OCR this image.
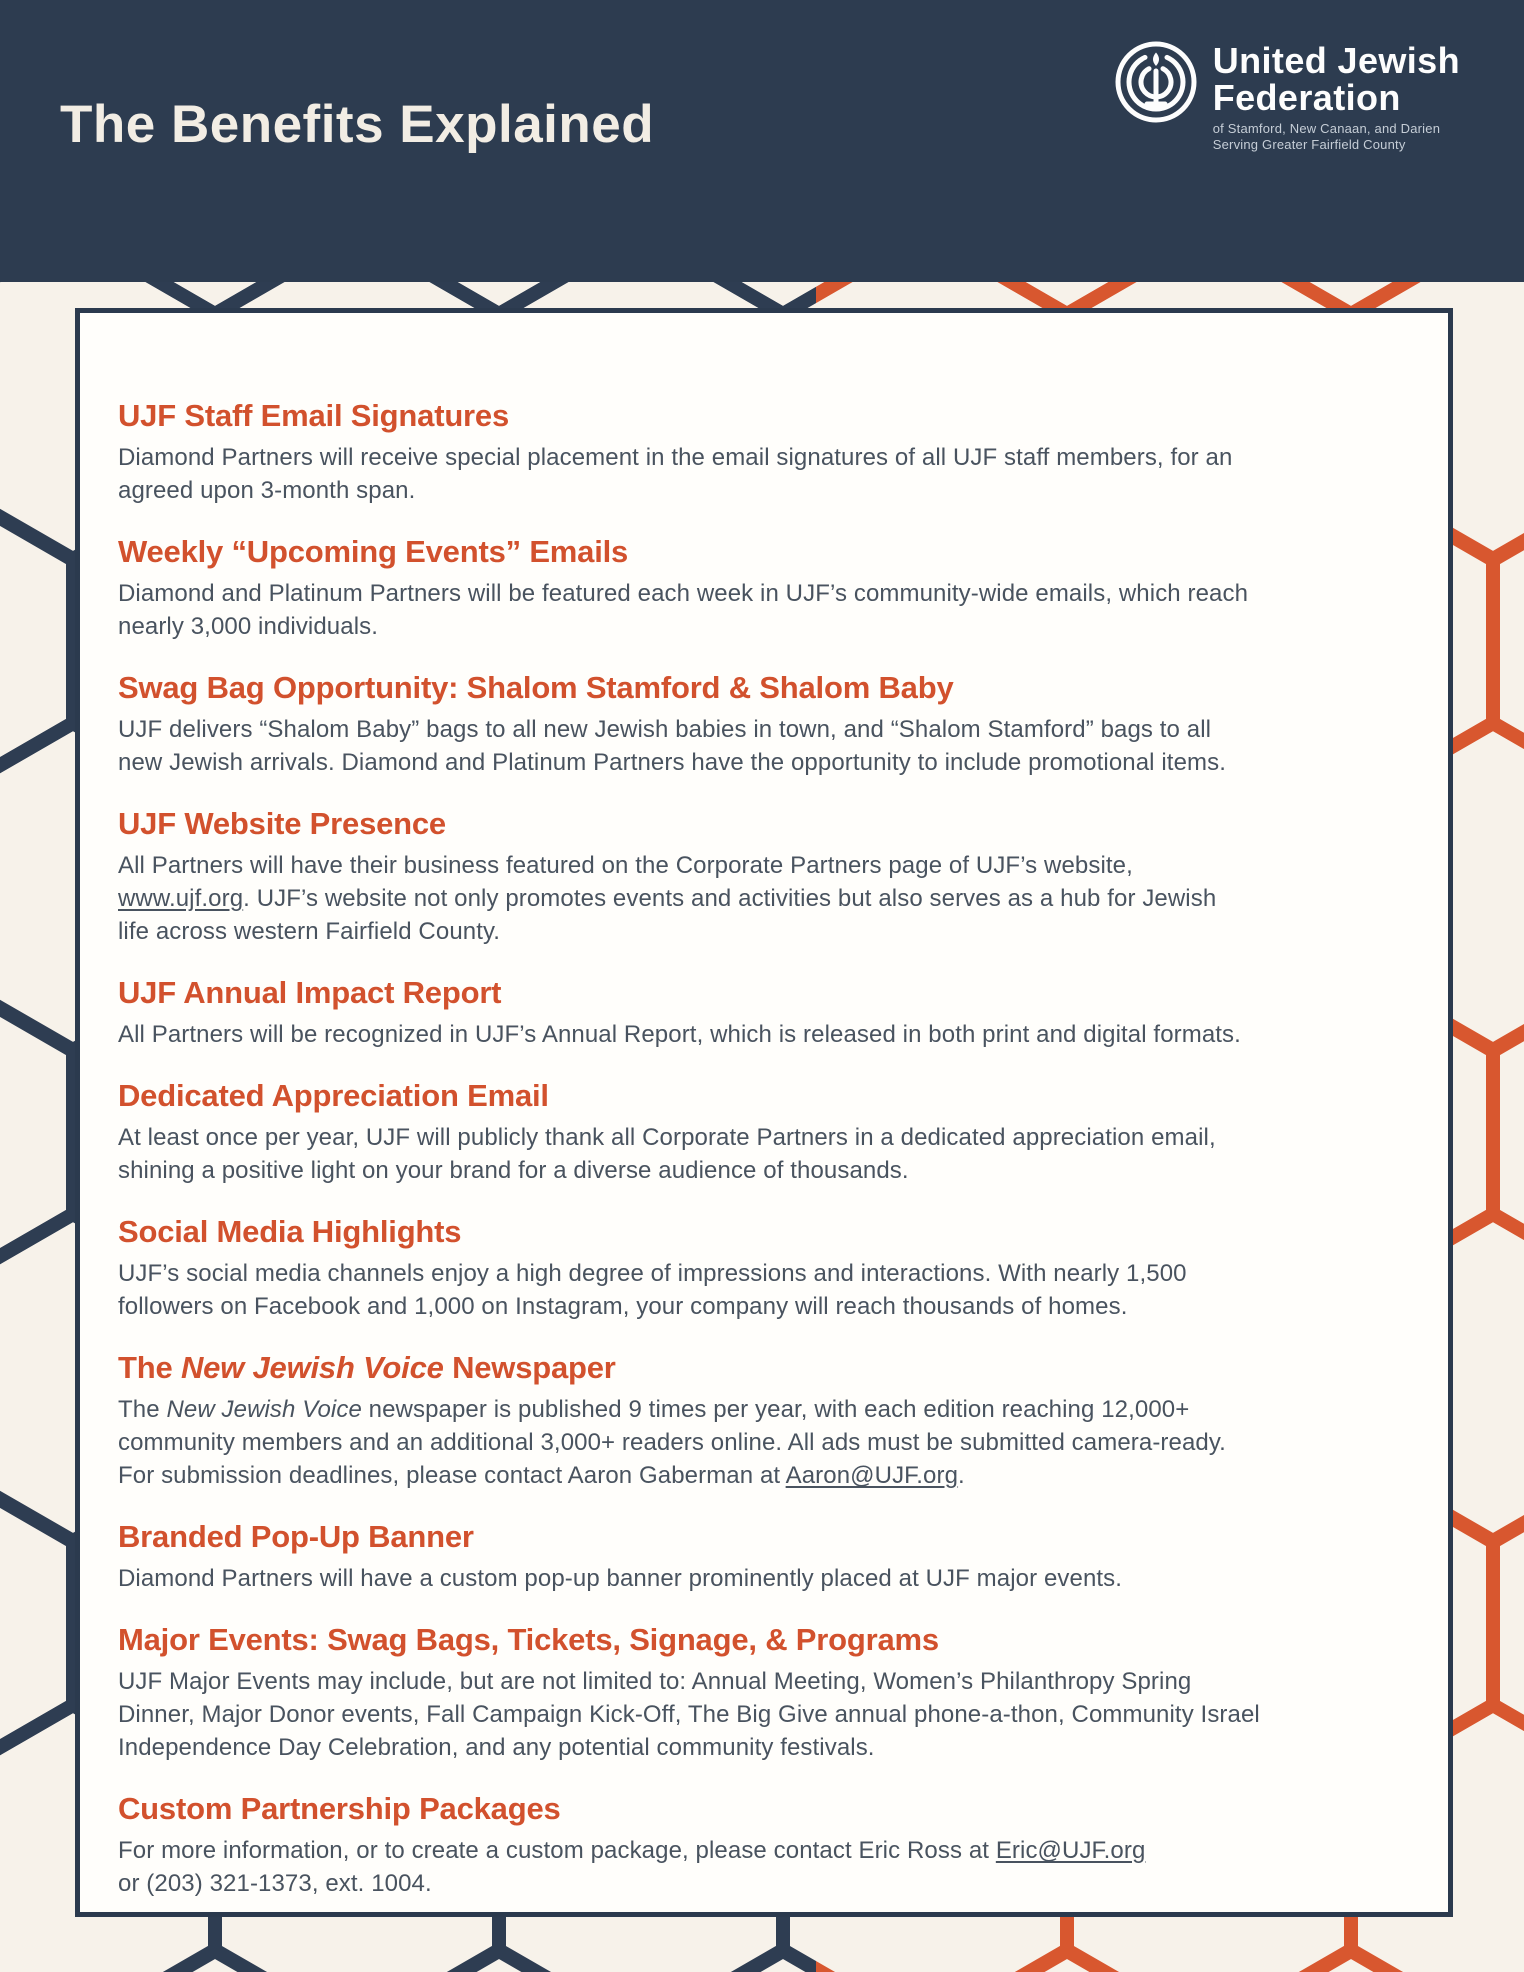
The Benefits Explained
United Jewish
Federation
of Stamford, New Canaan, and Darien
Serving Greater Fairfield County
UJF Staff Email Signatures

Diamond Partners will receive special placement in the email signatures of all UJF staff members, for an
agreed upon 3-month span.

Weekly “Upcoming Events” Emails

Diamond and Platinum Partners will be featured each week in UJF’s community-wide emails, which reach
nearly 3,000 individuals.

Swag Bag Opportunity: Shalom Stamford & Shalom Baby

UJF delivers “Shalom Baby” bags to all new Jewish babies in town, and “Shalom Stamford” bags to all
new Jewish arrivals. Diamond and Platinum Partners have the opportunity to include promotional items.

UJF Website Presence

All Partners will have their business featured on the Corporate Partners page of UJF’s website,
www.ujf.org. UJF’s website not only promotes events and activities but also serves as a hub for Jewish
life across western Fairfield County.

UJF Annual Impact Report

All Partners will be recognized in UJF’s Annual Report, which is released in both print and digital formats.

Dedicated Appreciation Email

At least once per year, UJF will publicly thank all Corporate Partners in a dedicated appreciation email,
shining a positive light on your brand for a diverse audience of thousands.

Social Media Highlights

UJF’s social media channels enjoy a high degree of impressions and interactions. With nearly 1,500
followers on Facebook and 1,000 on Instagram, your company will reach thousands of homes.

The New Jewish Voice Newspaper

The New Jewish Voice newspaper is published 9 times per year, with each edition reaching 12,000+
community members and an additional 3,000+ readers online. All ads must be submitted camera-ready.
For submission deadlines, please contact Aaron Gaberman at Aaron@UJF.org.

Branded Pop-Up Banner

Diamond Partners will have a custom pop-up banner prominently placed at UJF major events.

Major Events: Swag Bags, Tickets, Signage, & Programs

UJF Major Events may include, but are not limited to: Annual Meeting, Women’s Philanthropy Spring
Dinner, Major Donor events, Fall Campaign Kick-Off, The Big Give annual phone-a-thon, Community Israel
Independence Day Celebration, and any potential community festivals.

Custom Partnership Packages

For more information, or to create a custom package, please contact Eric Ross at Eric@UJF.org
or (203) 321-1373, ext. 1004.
